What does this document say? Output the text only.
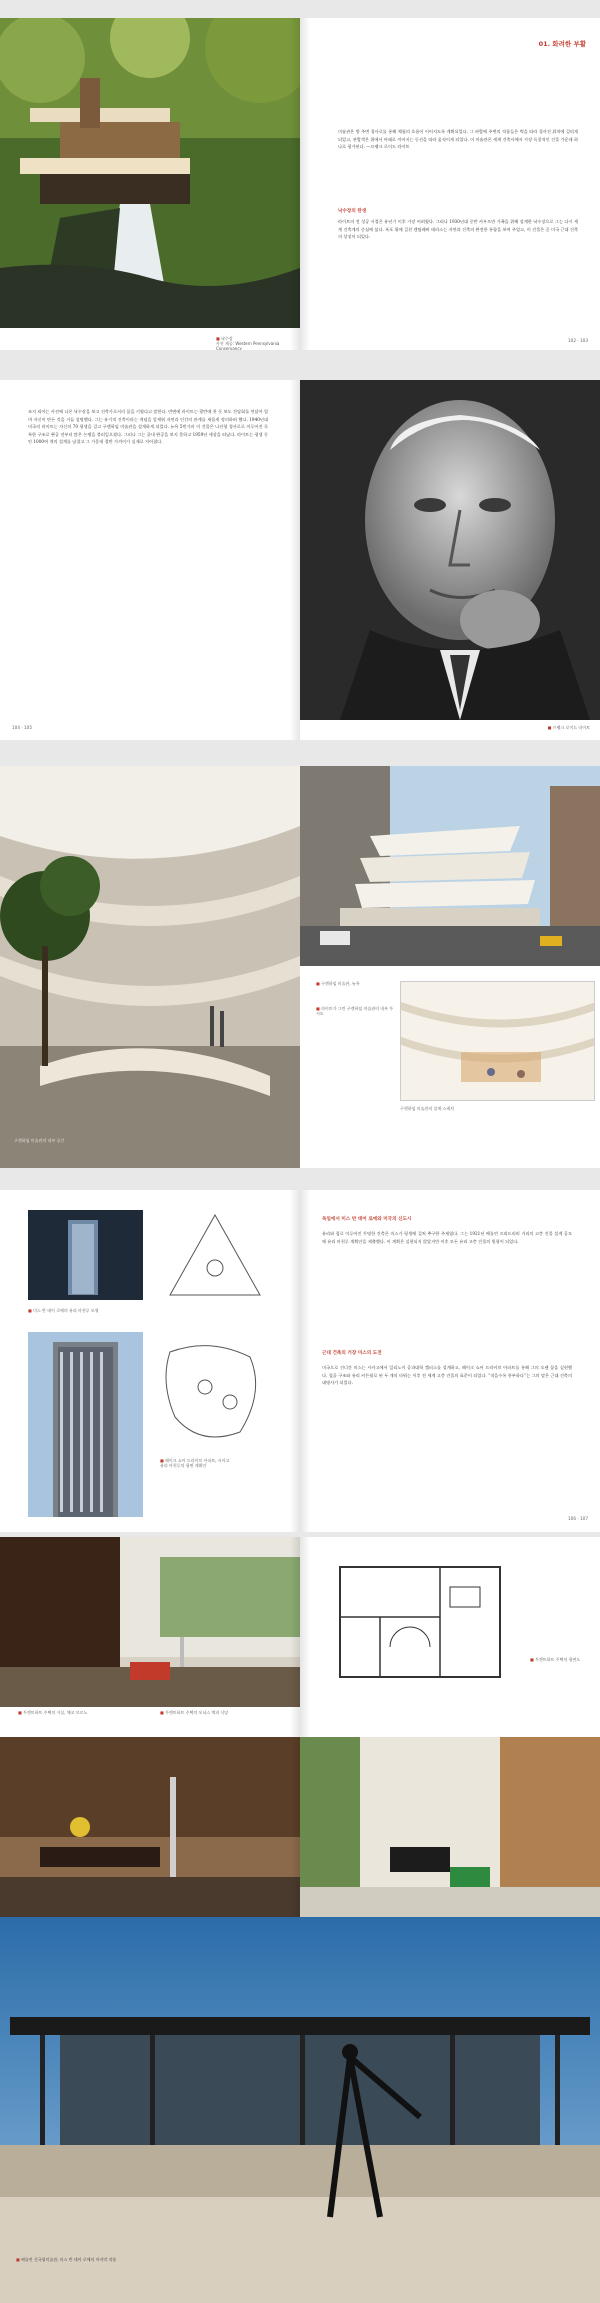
■ 낙수장
사진 제공: Western Pennsylvania Conservancy
01. 화려한 부활
미술관은 방 주변 경사로를 통해 체험의 흐름이 이어지도록 계획되었다. 그 바람에 주변의 작품들은 벽을 따라 경사진 위치에 걸리게 되었고, 관람객은 위에서 아래로 이어지는 동선을 따라 움직이게 되었다. 이 미술관은 세계 건축사에서 가장 독창적인 건물 가운데 하나로 평가된다. —프랭크 로이드 라이트
낙수장의 탄생
라이트의 전 성공 시절은 유년기 이후 가장 어려웠다. 그러나 1930년대 중반 카우프만 가족을 위해 설계한 낙수장으로 그는 다시 세계 건축계의 중심에 섰다. 폭포 위에 걸친 캔틸레버 테라스는 자연과 건축의 완전한 통합을 보여 주었고, 이 건물은 곧 미국 근대 건축의 상징이 되었다.
102 · 103
조지 리아는 사진에 나온 낙수장을 보고 건축가로서의 꿈을 키웠다고 말한다. 반면에 라이트는 광란에 찬 듯 보도 간담회를 연달아 열며 자신이 만든 것을 거듭 설명했다. 그는 유기적 건축이라는 개념을 앞세워 자연과 인간의 관계를 새롭게 정의하려 했다. 1940년대 미국의 라이트는 자신의 70 평생을 걸고 구겐하임 미술관을 설계하게 되었다. 뉴욕 5번가의 이 건물은 나선형 경사로로 이루어진 독특한 구조로 완공 전부터 많은 논쟁을 불러일으켰다. 그러나 그는 끝내 완공을 보지 못하고 1959년 세상을 떠났다. 라이트는 평생 동안 1000여 개의 설계를 남겼고 그 가운데 절반 가까이가 실제로 지어졌다.
104 · 105	■ 프랭크 로이드 라이트
구겐하임 미술관의 내부 공간
■ 구겐하임 미술관, 뉴욕
■ 라이트가 그린 구겐하임 미술관의 내부 투시도
구겐하임 미술관의 설계 스케치
■ 미스 반 데어 로에의 유리 마천루 모형
■ 레이크 쇼어 드라이브 아파트, 시카고
유리 마천루의 평면 계획안
독일에서 미스 반 데어 로에와 미국의 신도시
유리와 철로 이루어진 투명한 건축은 미스가 평생에 걸쳐 추구한 주제였다. 그는 1921년 베를린 프리드리히 거리의 고층 건물 설계 공모에 유리 마천루 계획안을 제출했다. 이 계획은 실현되지 않았지만 이후 모든 유리 고층 건물의 원형이 되었다.
근대 건축의 거장 미스의 도전
미국으로 건너간 미스는 시카고에서 일리노이 공과대학 캠퍼스를 설계하고, 레이크 쇼어 드라이브 아파트를 통해 그의 오랜 꿈을 실현했다. 철골 구조와 유리 커튼월로 된 두 개의 타워는 이후 전 세계 고층 건물의 표준이 되었다. “적을수록 풍부하다”는 그의 말은 근대 건축의 대명사가 되었다.
106 · 107
■ 투겐트하트 주택의 거실, 체코 브르노	■ 투겐트하트 주택의 오닉스 벽과 식당
■ 투겐트하트 주택의 평면도
■ 베를린 신국립미술관, 미스 반 데어 로에의 마지막 작품
